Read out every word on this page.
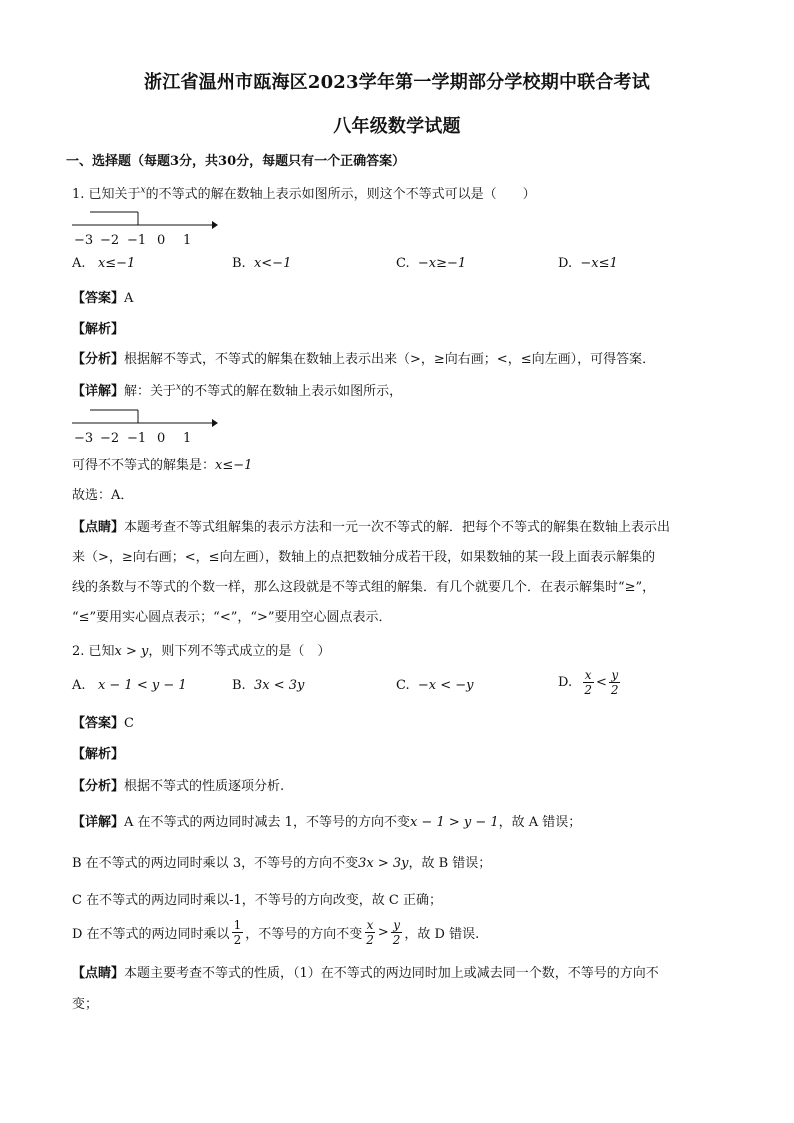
浙江省温州市瓯海区2023学年第一学期部分学校期中联合考试
八年级数学试题
一、选择题（每题3分，共30分，每题只有一个正确答案）
1. 已知关于$^x$的不等式的解在数轴上表示如图所示，则这个不等式可以是（　　）
−3 −2 −1 0 1
A. x≤−1	B. x<−1	C. −x≥−1	D. −x≤1
【答案】A
【解析】
【分析】根据解不等式，不等式的解集在数轴上表示出来（>，≥向右画；<，≤向左画），可得答案．
【详解】解：关于$^x$的不等式的解在数轴上表示如图所示，
−3 −2 −1 0 1
可得不不等式的解集是：x≤−1
故选：A．
【点睛】本题考查不等式组解集的表示方法和一元一次不等式的解．把每个不等式的解集在数轴上表示出
来（>，≥向右画；<，≤向左画），数轴上的点把数轴分成若干段，如果数轴的某一段上面表示解集的
线的条数与不等式的个数一样，那么这段就是不等式组的解集．有几个就要几个．在表示解集时“≥”，
“≤”要用实心圆点表示；“<”，“>”要用空心圆点表示．
2. 已知x > y，则下列不等式成立的是（　）
A. x − 1 < y − 1	B. 3x < 3y	C. −x < −y	D.
$\frac{x}{2} < \frac{y}{2}$
【答案】C
【解析】
【分析】根据不等式的性质逐项分析.
【详解】A 在不等式的两边同时减去 1，不等号的方向不变x − 1 > y − 1，故 A 错误；
B 在不等式的两边同时乘以 3，不等号的方向不变3x > 3y，故 B 错误；
C 在不等式的两边同时乘以-1，不等号的方向改变，故 C 正确；
D 在不等式的两边同时乘以 $\frac{1}{2}$ ，不等号的方向不变 $\frac{x}{2} > \frac{y}{2}$ ，故 D 错误.
【点睛】本题主要考查不等式的性质，（1）在不等式的两边同时加上或减去同一个数，不等号的方向不
变；
